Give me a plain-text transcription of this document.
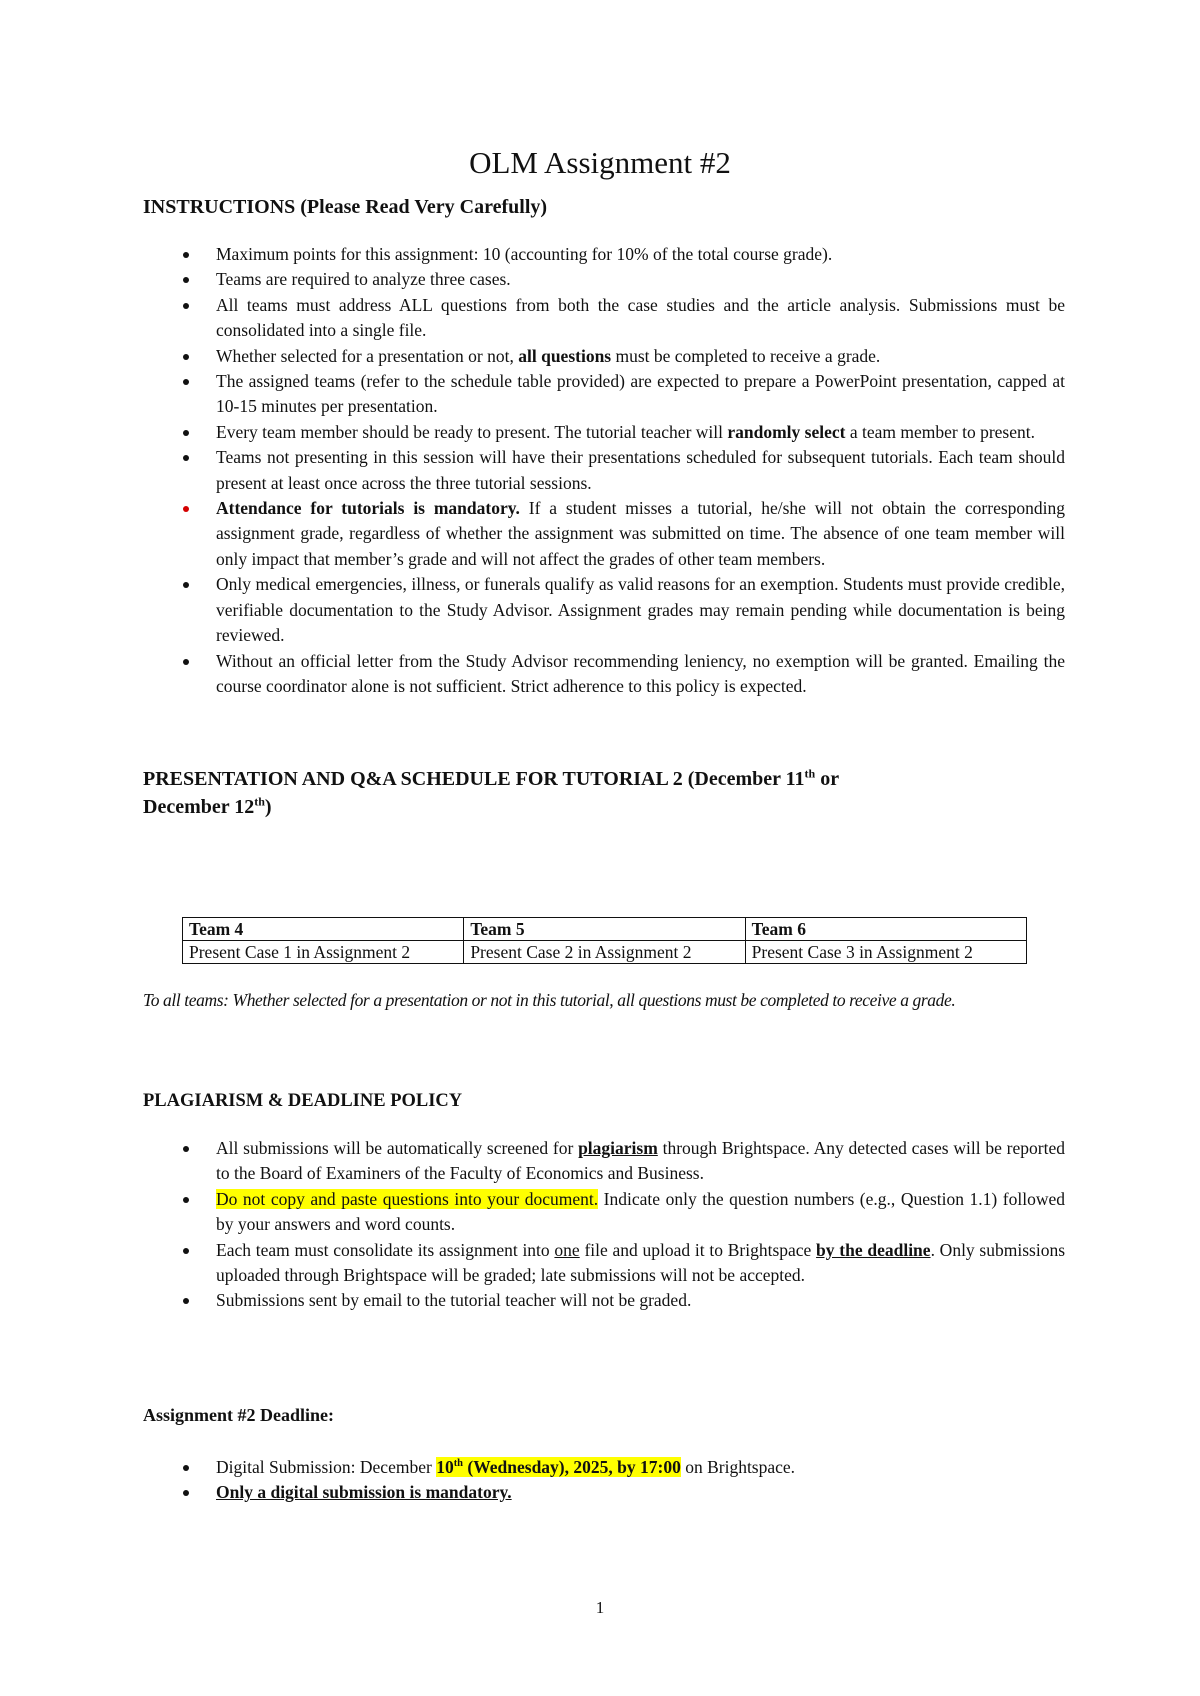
OLM Assignment #2
INSTRUCTIONS (Please Read Very Carefully)
Maximum points for this assignment: 10 (accounting for 10% of the total course grade).
Teams are required to analyze three cases.
All teams must address ALL questions from both the case studies and the article analysis. Submissions must be consolidated into a single file.
Whether selected for a presentation or not, all questions must be completed to receive a grade.
The assigned teams (refer to the schedule table provided) are expected to prepare a PowerPoint presentation, capped at 10-15 minutes per presentation.
Every team member should be ready to present. The tutorial teacher will randomly select a team member to present.
Teams not presenting in this session will have their presentations scheduled for subsequent tutorials. Each team should present at least once across the three tutorial sessions.
Attendance for tutorials is mandatory. If a student misses a tutorial, he/she will not obtain the corresponding assignment grade, regardless of whether the assignment was submitted on time. The absence of one team member will only impact that member’s grade and will not affect the grades of other team members.
Only medical emergencies, illness, or funerals qualify as valid reasons for an exemption. Students must provide credible, verifiable documentation to the Study Advisor. Assignment grades may remain pending while documentation is being reviewed.
Without an official letter from the Study Advisor recommending leniency, no exemption will be granted. Emailing the course coordinator alone is not sufficient. Strict adherence to this policy is expected.
PRESENTATION AND Q&A SCHEDULE FOR TUTORIAL 2 (December 11th or
December 12th)
Team 4	Team 5	Team 6
Present Case 1 in Assignment 2	Present Case 2 in Assignment 2	Present Case 3 in Assignment 2
To all teams: Whether selected for a presentation or not in this tutorial, all questions must be completed to receive a grade.
PLAGIARISM & DEADLINE POLICY
All submissions will be automatically screened for plagiarism through Brightspace. Any detected cases will be reported to the Board of Examiners of the Faculty of Economics and Business.
Do not copy and paste questions into your document. Indicate only the question numbers (e.g., Question 1.1) followed by your answers and word counts.
Each team must consolidate its assignment into one file and upload it to Brightspace by the deadline. Only submissions uploaded through Brightspace will be graded; late submissions will not be accepted.
Submissions sent by email to the tutorial teacher will not be graded.
Assignment #2 Deadline:
Digital Submission: December 10th (Wednesday), 2025, by 17:00 on Brightspace.
Only a digital submission is mandatory.
1
